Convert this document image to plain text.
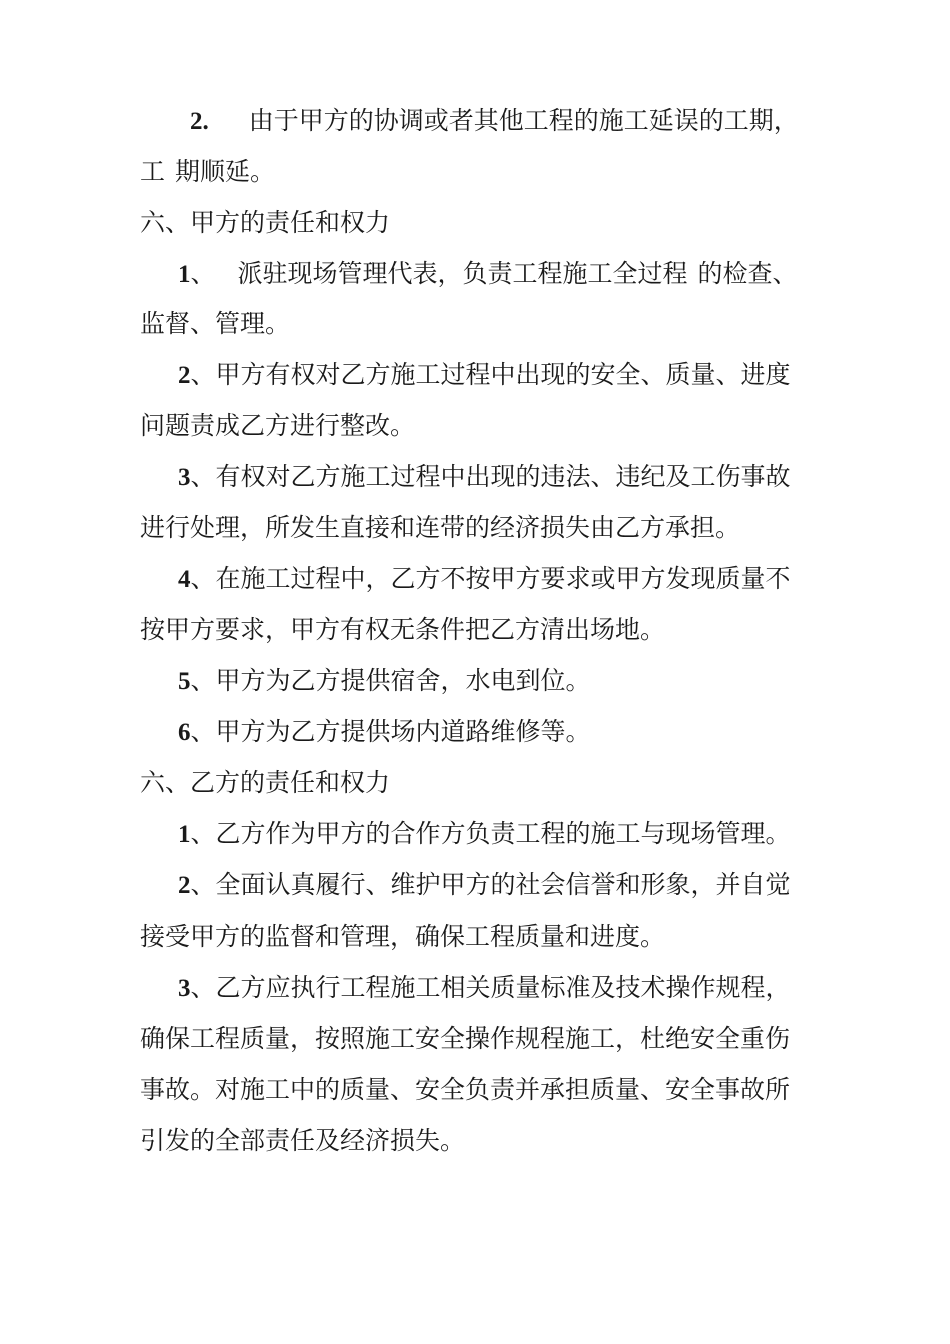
2. 由于甲方的协调或者其他工程的施工延误的工期，
工 期顺延。
六、甲方的责任和权力
1、 派驻现场管理代表，负责工程施工全过程 的检查、
监督、管理。
2、甲方有权对乙方施工过程中出现的安全、质量、进度
问题责成乙方进行整改。
3、有权对乙方施工过程中出现的违法、违纪及工伤事故
进行处理，所发生直接和连带的经济损失由乙方承担。
4、在施工过程中，乙方不按甲方要求或甲方发现质量不
按甲方要求，甲方有权无条件把乙方清出场地。
5、甲方为乙方提供宿舍，水电到位。
6、甲方为乙方提供场内道路维修等。
六、乙方的责任和权力
1、乙方作为甲方的合作方负责工程的施工与现场管理。
2、全面认真履行、维护甲方的社会信誉和形象，并自觉
接受甲方的监督和管理，确保工程质量和进度。
3、乙方应执行工程施工相关质量标准及技术操作规程，
确保工程质量，按照施工安全操作规程施工，杜绝安全重伤
事故。对施工中的质量、安全负责并承担质量、安全事故所
引发的全部责任及经济损失。
